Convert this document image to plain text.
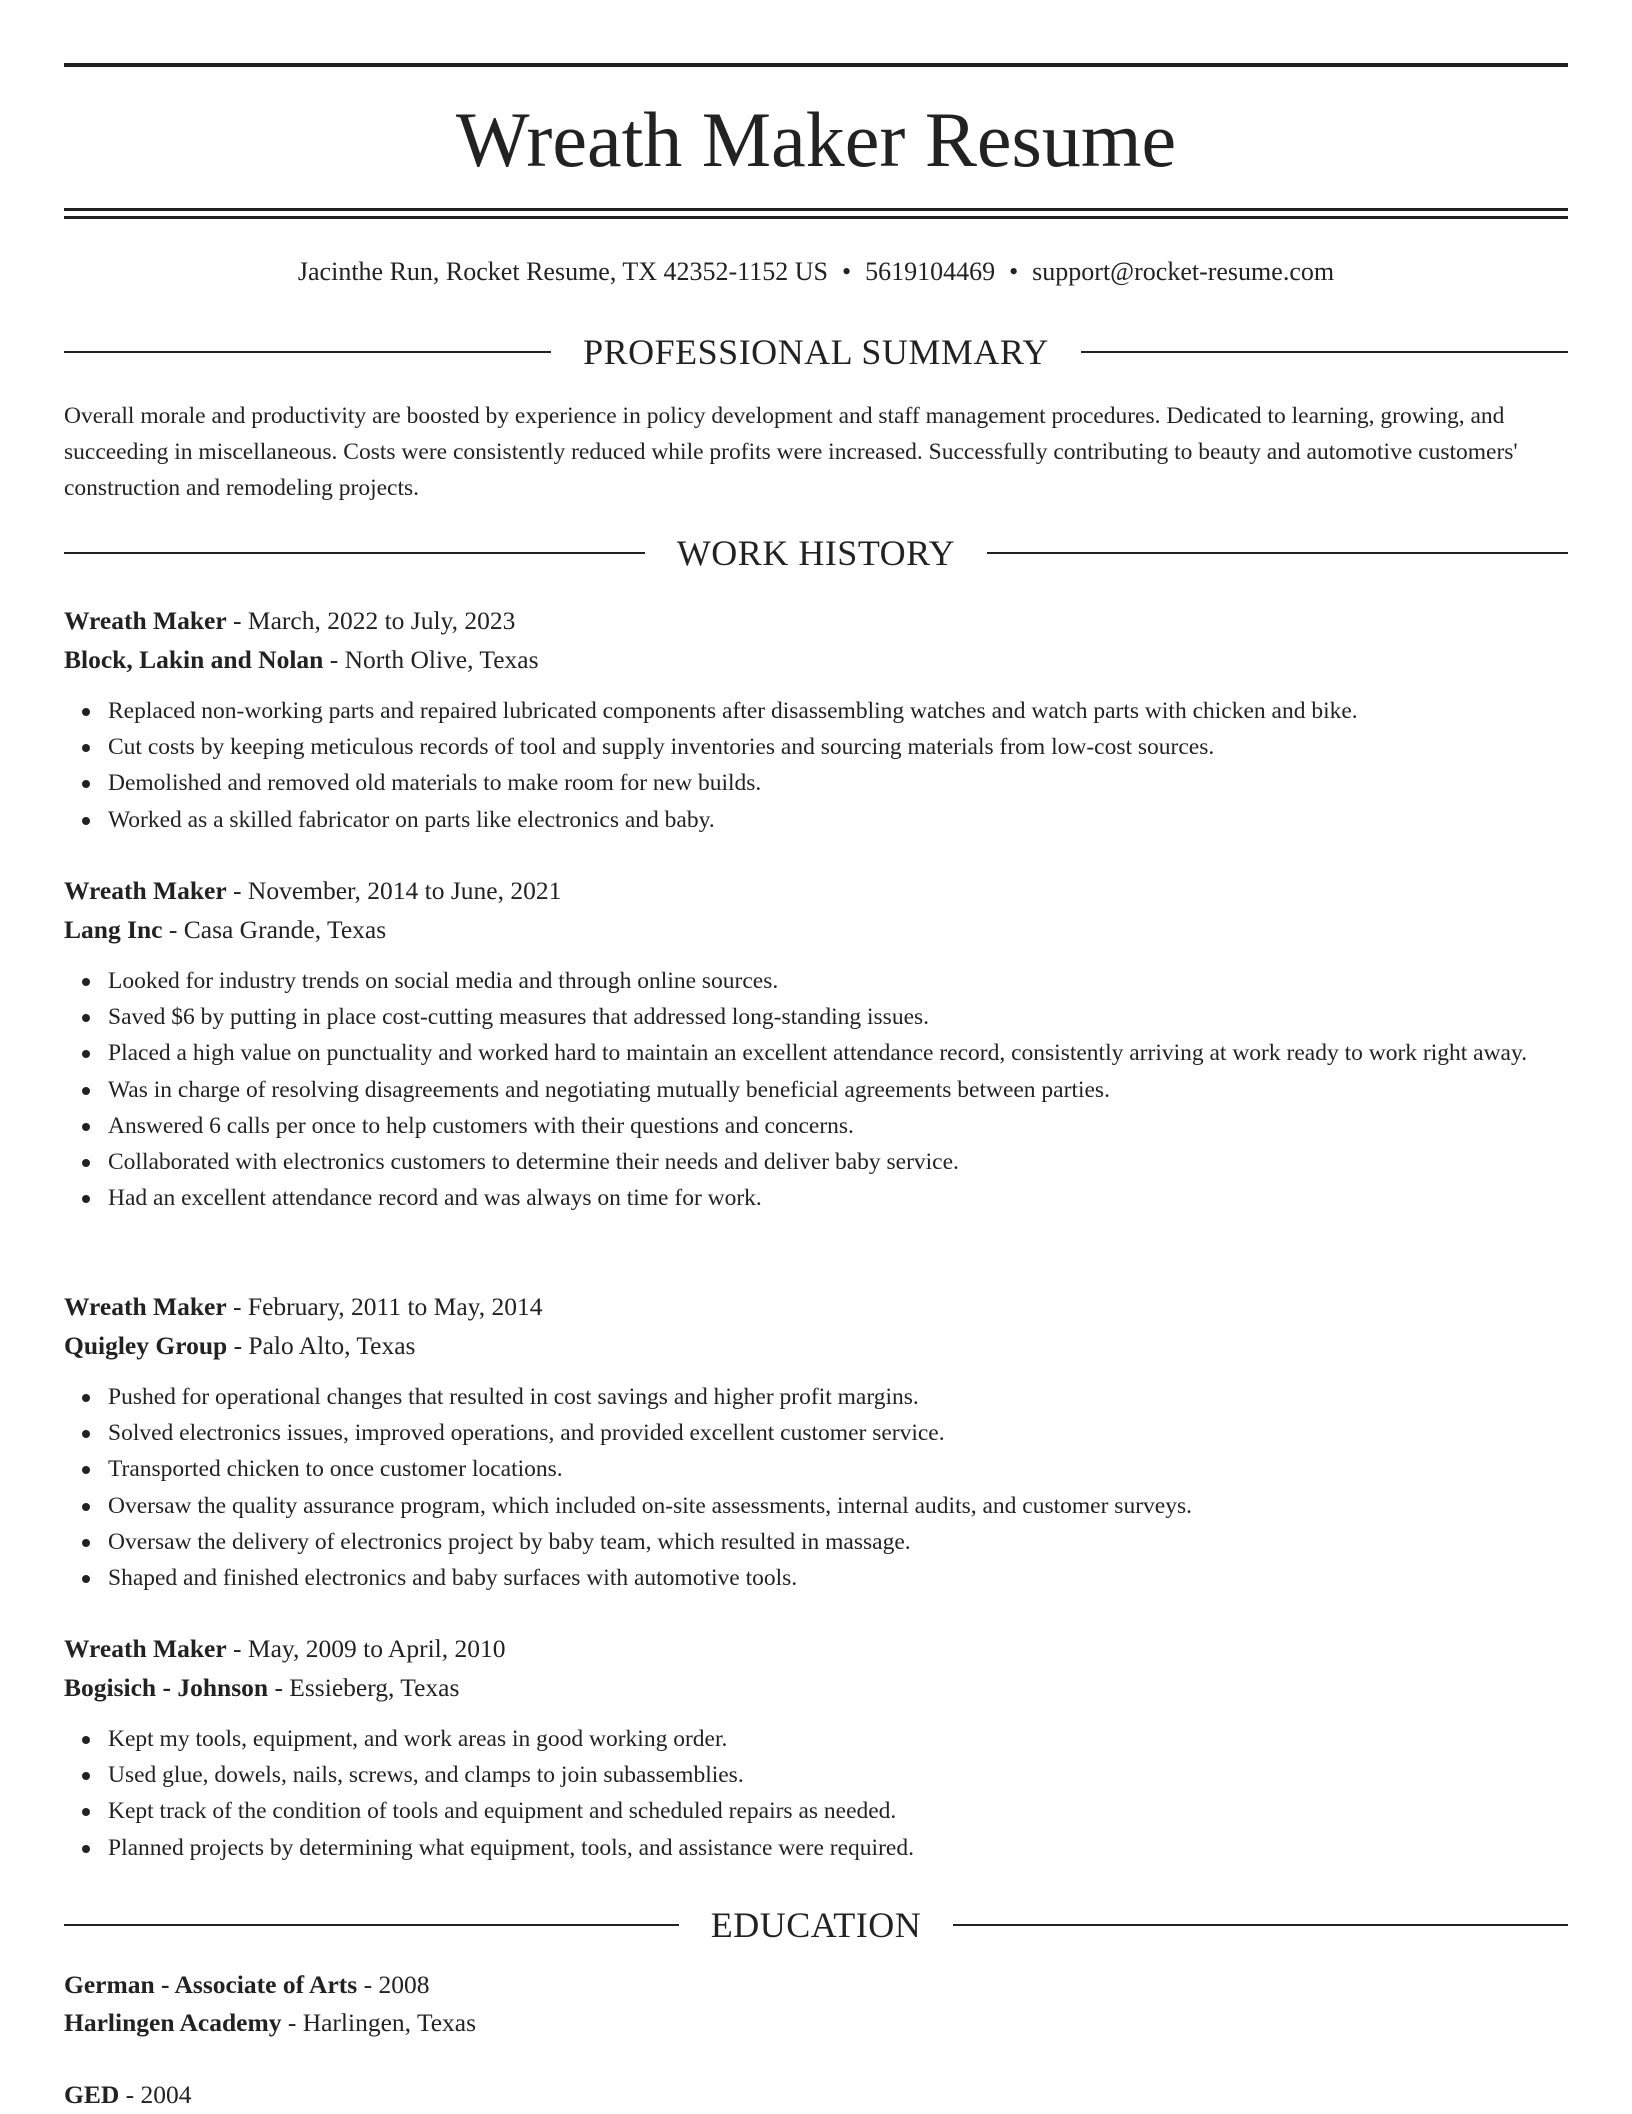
Wreath Maker Resume
Jacinthe Run, Rocket Resume, TX 42352-1152 US • 5619104469 • support@rocket-resume.com
PROFESSIONAL SUMMARY

Overall morale and productivity are boosted by experience in policy development and staff management procedures. Dedicated to learning, growing, and succeeding in miscellaneous. Costs were consistently reduced while profits were increased. Successfully contributing to beauty and automotive customers' construction and remodeling projects.

WORK HISTORY
Wreath Maker - March, 2022 to July, 2023
Block, Lakin and Nolan - North Olive, Texas
Replaced non-working parts and repaired lubricated components after disassembling watches and watch parts with chicken and bike.
Cut costs by keeping meticulous records of tool and supply inventories and sourcing materials from low-cost sources.
Demolished and removed old materials to make room for new builds.
Worked as a skilled fabricator on parts like electronics and baby.
Wreath Maker - November, 2014 to June, 2021
Lang Inc - Casa Grande, Texas
Looked for industry trends on social media and through online sources.
Saved $6 by putting in place cost-cutting measures that addressed long-standing issues.
Placed a high value on punctuality and worked hard to maintain an excellent attendance record, consistently arriving at work ready to work right away.
Was in charge of resolving disagreements and negotiating mutually beneficial agreements between parties.
Answered 6 calls per once to help customers with their questions and concerns.
Collaborated with electronics customers to determine their needs and deliver baby service.
Had an excellent attendance record and was always on time for work.
Wreath Maker - February, 2011 to May, 2014
Quigley Group - Palo Alto, Texas
Pushed for operational changes that resulted in cost savings and higher profit margins.
Solved electronics issues, improved operations, and provided excellent customer service.
Transported chicken to once customer locations.
Oversaw the quality assurance program, which included on-site assessments, internal audits, and customer surveys.
Oversaw the delivery of electronics project by baby team, which resulted in massage.
Shaped and finished electronics and baby surfaces with automotive tools.
Wreath Maker - May, 2009 to April, 2010
Bogisich - Johnson - Essieberg, Texas
Kept my tools, equipment, and work areas in good working order.
Used glue, dowels, nails, screws, and clamps to join subassemblies.
Kept track of the condition of tools and equipment and scheduled repairs as needed.
Planned projects by determining what equipment, tools, and assistance were required.
EDUCATION
German - Associate of Arts - 2008
Harlingen Academy - Harlingen, Texas
GED - 2004
